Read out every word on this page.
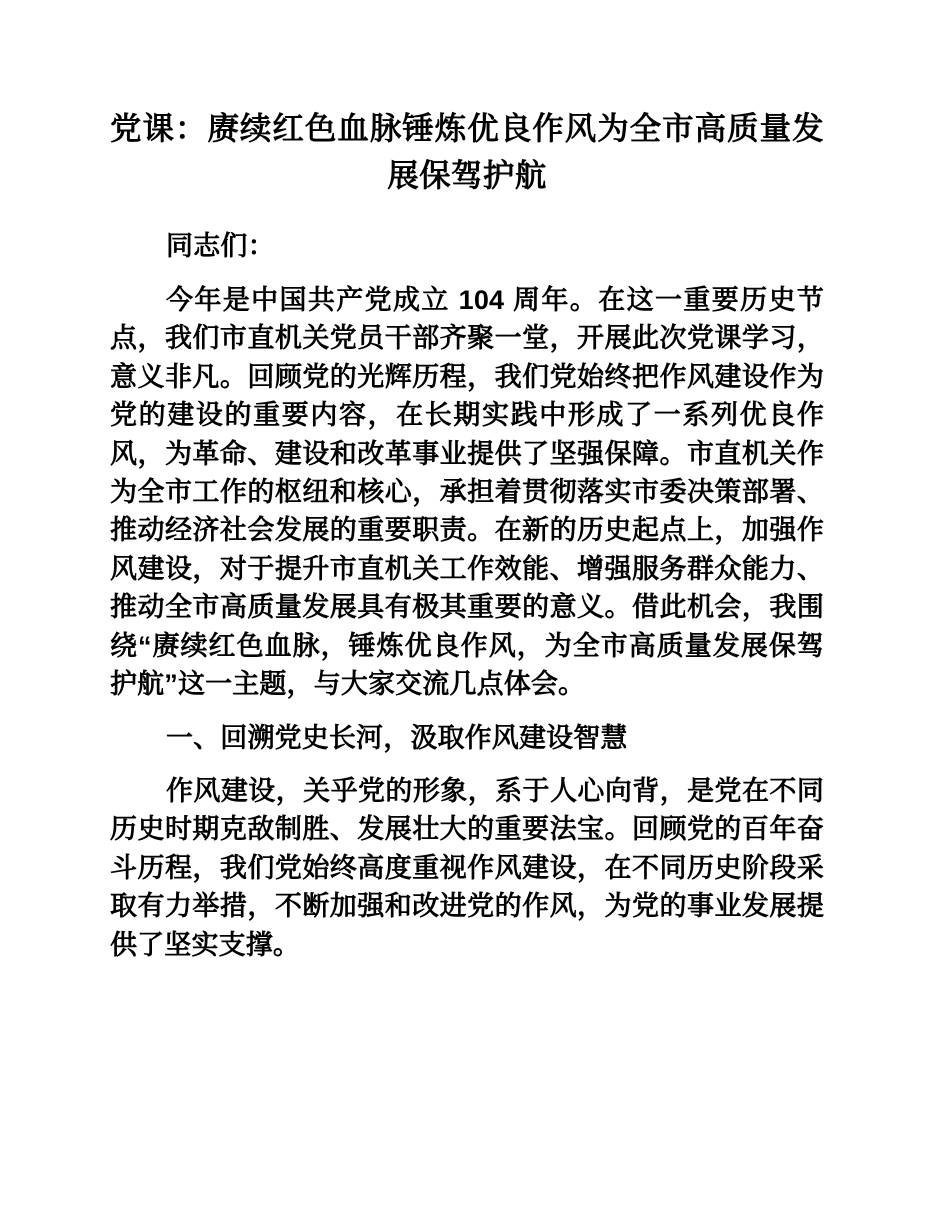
党课：赓续红色血脉锤炼优良作风为全市高质量发展保驾护航

同志们：

今年是中国共产党成立 104 周年。在这一重要历史节点，我们市直机关党员干部齐聚一堂，开展此次党课学习，意义非凡。回顾党的光辉历程，我们党始终把作风建设作为党的建设的重要内容，在长期实践中形成了一系列优良作风，为革命、建设和改革事业提供了坚强保障。市直机关作为全市工作的枢纽和核心，承担着贯彻落实市委决策部署、推动经济社会发展的重要职责。在新的历史起点上，加强作风建设，对于提升市直机关工作效能、增强服务群众能力、推动全市高质量发展具有极其重要的意义。借此机会，我围绕“赓续红色血脉，锤炼优良作风，为全市高质量发展保驾护航”这一主题，与大家交流几点体会。

一、回溯党史长河，汲取作风建设智慧

作风建设，关乎党的形象，系于人心向背，是党在不同历史时期克敌制胜、发展壮大的重要法宝。回顾党的百年奋斗历程，我们党始终高度重视作风建设，在不同历史阶段采取有力举措，不断加强和改进党的作风，为党的事业发展提供了坚实支撑。
